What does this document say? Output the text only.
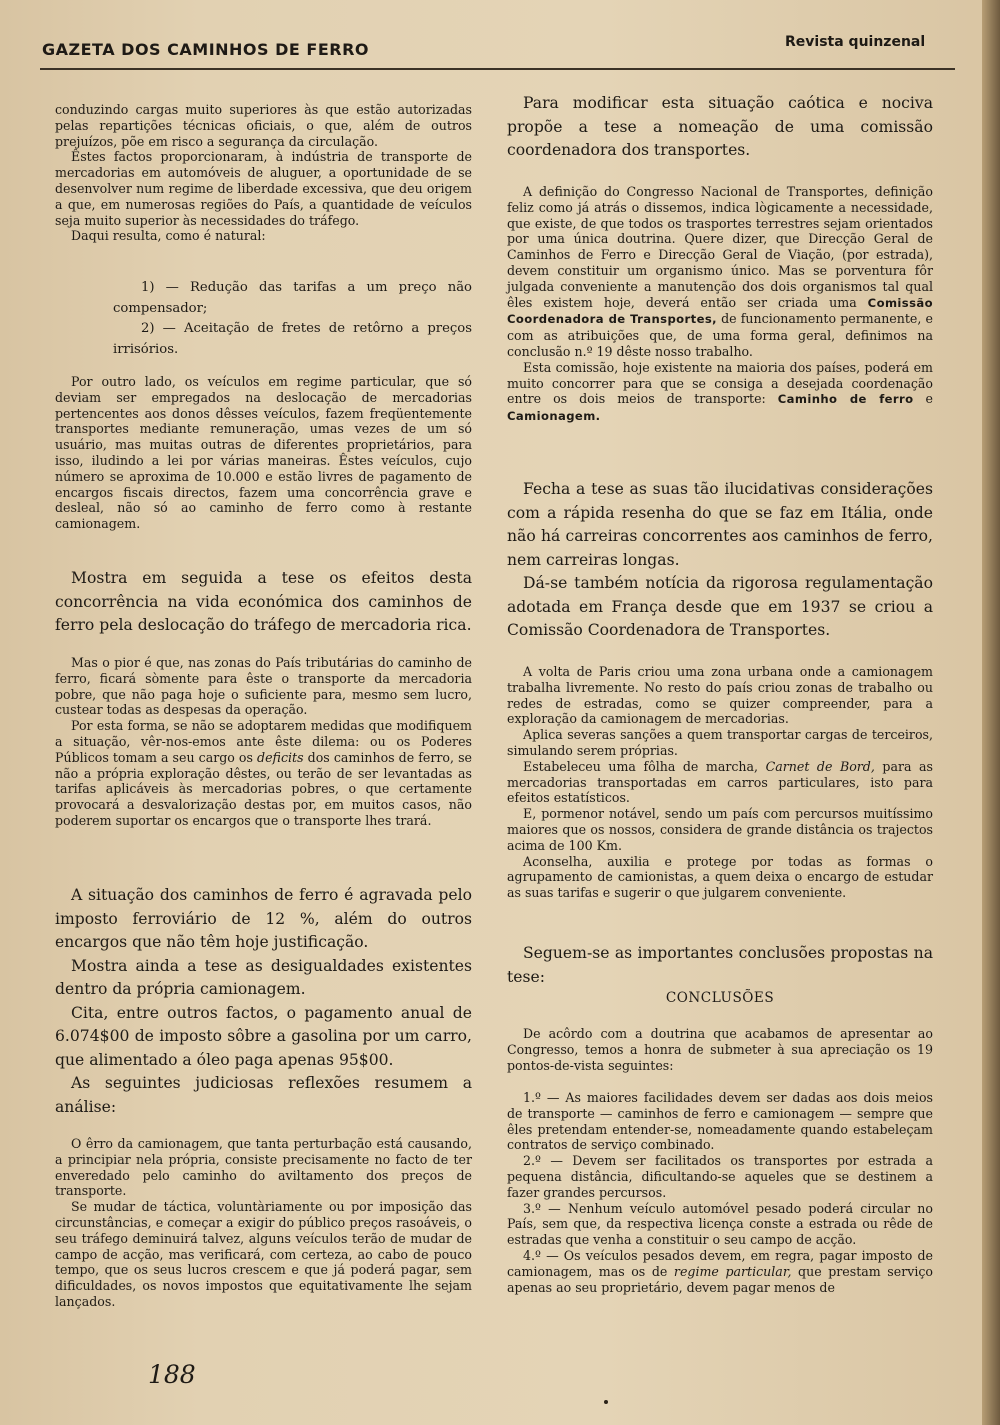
GAZETA DOS CAMINHOS DE FERRO	Revista quinzenal

conduzindo cargas muito superiores às que estão autorizadas pelas repartições técnicas oficiais, o que, além de outros prejuízos, põe em risco a segurança da circulação.

Êstes factos proporcionaram, à indústria de transporte de mercadorias em automóveis de aluguer, a oportunidade de se desenvolver num regime de liberdade excessiva, que deu origem a que, em numerosas regiões do País, a quantidade de veículos seja muito superior às necessidades do tráfego.

Daqui resulta, como é natural:

1) — Redução das tarifas a um preço não compensador;

2) — Aceitação de fretes de retôrno a preços irrisórios.

Por outro lado, os veículos em regime particular, que só deviam ser empregados na deslocação de mercadorias pertencentes aos donos dêsses veículos, fazem freqüentemente transportes mediante remuneração, umas vezes de um só usuário, mas muitas outras de diferentes proprietários, para isso, iludindo a lei por várias maneiras. Êstes veículos, cujo número se aproxima de 10.000 e estão livres de pagamento de encargos fiscais directos, fazem uma concorrência grave e desleal, não só ao caminho de ferro como à restante camionagem.

Mostra em seguida a tese os efeitos desta concorrência na vida económica dos caminhos de ferro pela deslocação do tráfego de mercadoria rica.

Mas o pior é que, nas zonas do País tributárias do caminho de ferro, ficará sòmente para êste o transporte da mercadoria pobre, que não paga hoje o suficiente para, mesmo sem lucro, custear todas as despesas da operação.

Por esta forma, se não se adoptarem medidas que modifiquem a situação, vêr-nos-emos ante êste dilema: ou os Poderes Públicos tomam a seu cargo os deficits dos caminhos de ferro, se não a própria exploração dêstes, ou terão de ser levantadas as tarifas aplicáveis às mercadorias pobres, o que certamente provocará a desvalorização destas por, em muitos casos, não poderem suportar os encargos que o transporte lhes trará.

A situação dos caminhos de ferro é agravada pelo imposto ferroviário de 12 %, além do outros encargos que não têm hoje justificação.

Mostra ainda a tese as desigualdades existentes dentro da própria camionagem.

Cita, entre outros factos, o pagamento anual de 6.074$00 de imposto sôbre a gasolina por um carro, que alimentado a óleo paga apenas 95$00.

As seguintes judiciosas reflexões resumem a análise:

O êrro da camionagem, que tanta perturbação está causando, a principiar nela própria, consiste precisamente no facto de ter enveredado pelo caminho do aviltamento dos preços de transporte.

Se mudar de táctica, voluntàriamente ou por imposição das circunstâncias, e começar a exigir do público preços rasoáveis, o seu tráfego deminuirá talvez, alguns veículos terão de mudar de campo de acção, mas verificará, com certeza, ao cabo de pouco tempo, que os seus lucros crescem e que já poderá pagar, sem dificuldades, os novos impostos que equitativamente lhe sejam lançados.

Para modificar esta situação caótica e nociva propõe a tese a nomeação de uma comissão coordenadora dos transportes.

A definição do Congresso Nacional de Transportes, definição feliz como já atrás o dissemos, indica lògicamente a necessidade, que existe, de que todos os trasportes terrestres sejam orientados por uma única doutrina. Quere dizer, que Direcção Geral de Caminhos de Ferro e Direcção Geral de Viação, (por estrada), devem constituir um organismo único. Mas se porventura fôr julgada conveniente a manutenção dos dois organismos tal qual êles existem hoje, deverá então ser criada uma Comissão Coordenadora de Transportes, de funcionamento permanente, e com as atribuições que, de uma forma geral, definimos na conclusão n.º 19 dêste nosso trabalho.

Esta comissão, hoje existente na maioria dos países, poderá em muito concorrer para que se consiga a desejada coordenação entre os dois meios de transporte: Caminho de ferro e Camionagem.

Fecha a tese as suas tão ilucidativas considerações com a rápida resenha do que se faz em Itália, onde não há carreiras concorrentes aos caminhos de ferro, nem carreiras longas.

Dá-se também notícia da rigorosa regulamentação adotada em França desde que em 1937 se criou a Comissão Coordenadora de Transportes.

A volta de Paris criou uma zona urbana onde a camionagem trabalha livremente. No resto do país criou zonas de trabalho ou redes de estradas, como se quizer compreender, para a exploração da camionagem de mercadorias.

Aplica severas sanções a quem transportar cargas de terceiros, simulando serem próprias.

Estabeleceu uma fôlha de marcha, Carnet de Bord, para as mercadorias transportadas em carros particulares, isto para efeitos estatísticos.

E, pormenor notável, sendo um país com percursos muitíssimo maiores que os nossos, considera de grande distância os trajectos acima de 100 Km.

Aconselha, auxilia e protege por todas as formas o agrupamento de camionistas, a quem deixa o encargo de estudar as suas tarifas e sugerir o que julgarem conveniente.

Seguem-se as importantes conclusões propostas na tese:

CONCLUSÕES

De acôrdo com a doutrina que acabamos de apresentar ao Congresso, temos a honra de submeter à sua apreciação os 19 pontos-de-vista seguintes:

1.º — As maiores facilidades devem ser dadas aos dois meios de transporte — caminhos de ferro e camionagem — sempre que êles pretendam entender-se, nomeadamente quando estabeleçam contratos de serviço combinado.

2.º — Devem ser facilitados os transportes por estrada a pequena distância, dificultando-se aqueles que se destinem a fazer grandes percursos.

3.º — Nenhum veículo automóvel pesado poderá circular no País, sem que, da respectiva licença conste a estrada ou rêde de estradas que venha a constituir o seu campo de acção.

4.º — Os veículos pesados devem, em regra, pagar imposto de camionagem, mas os de regime particular, que prestam serviço apenas ao seu proprietário, devem pagar menos de

188
